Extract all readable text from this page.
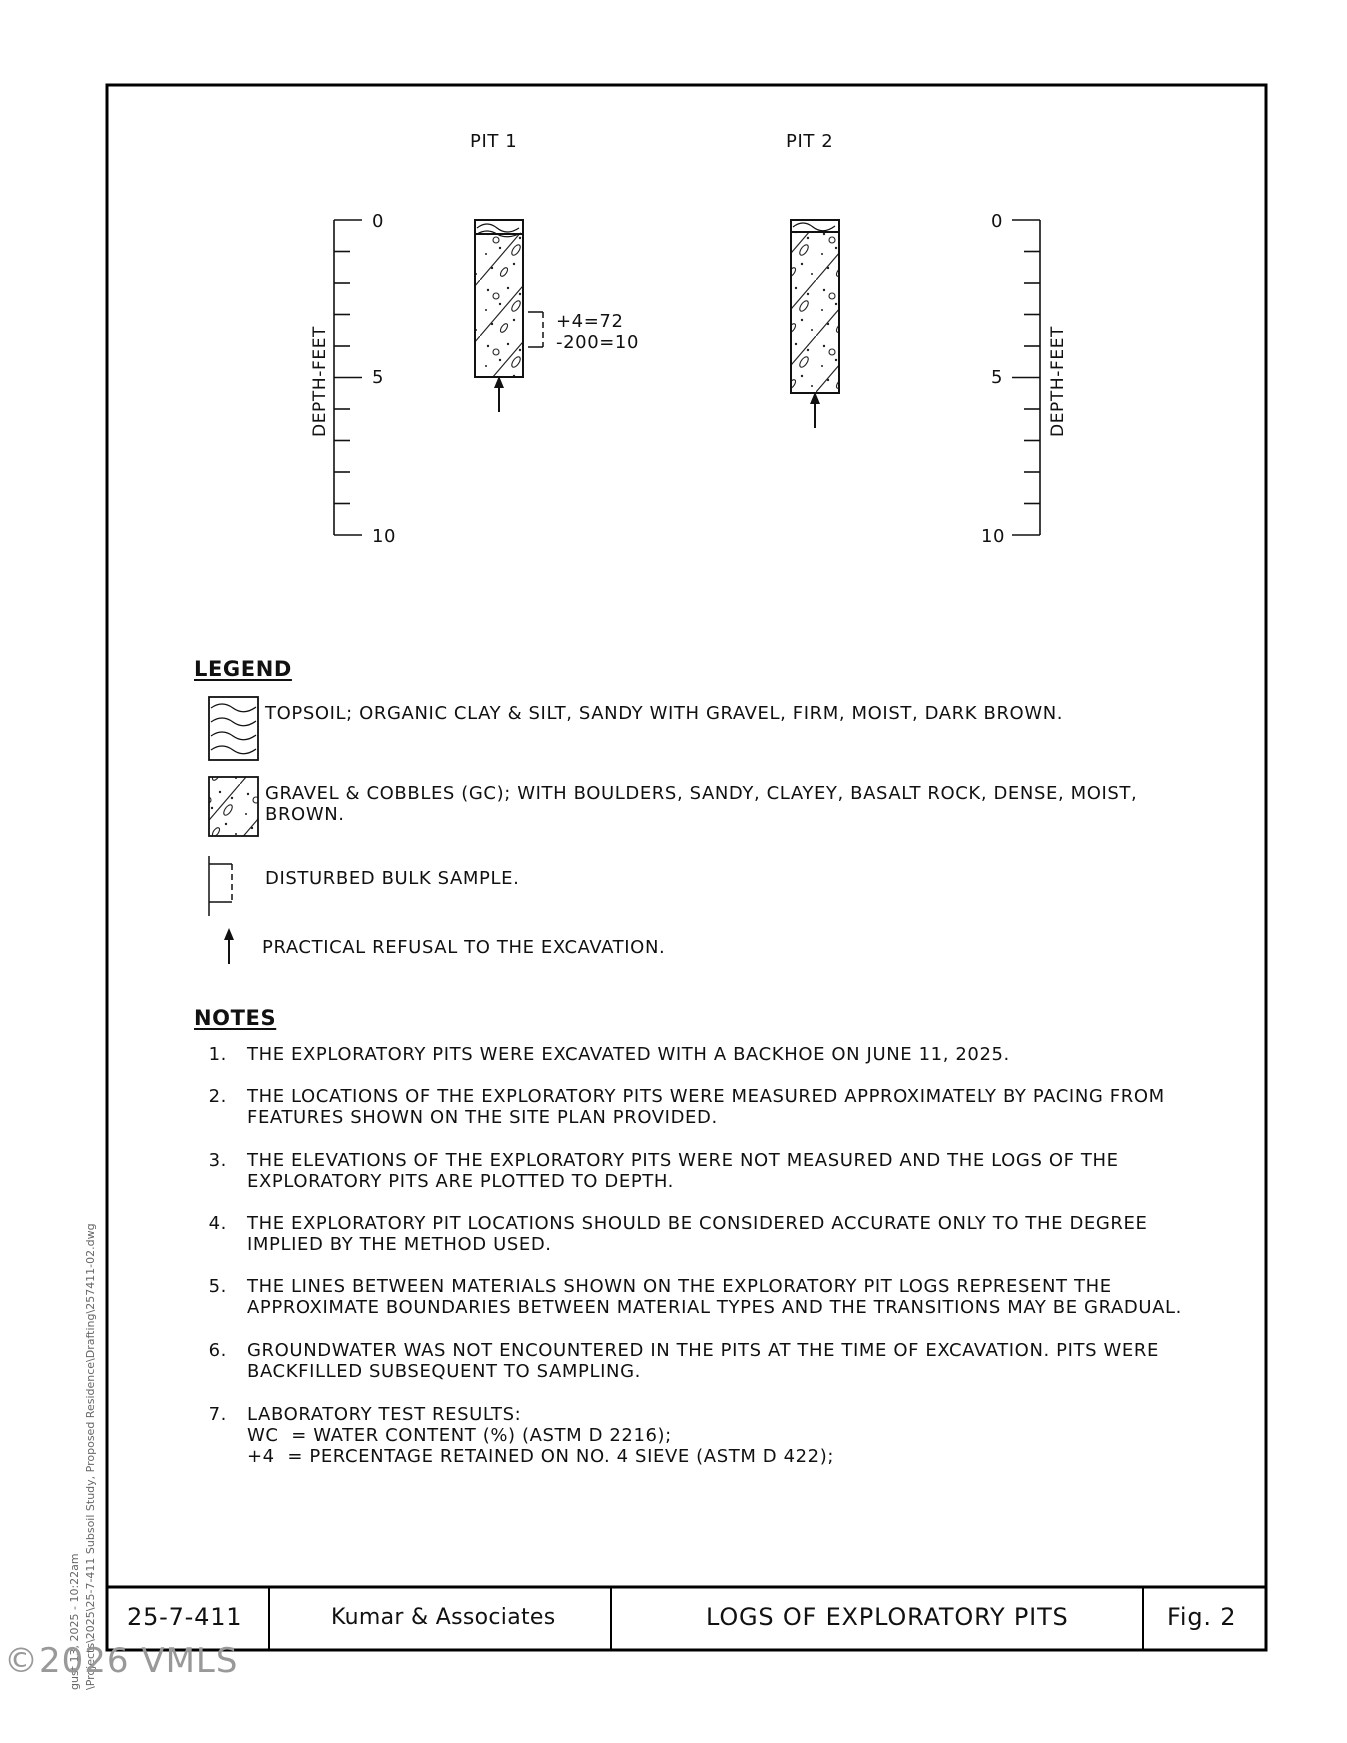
PIT 1	PIT 2
+4=72
-200=10
0
5
10
0
5
10
DEPTH-FEET	DEPTH-FEET
LEGEND
TOPSOIL; ORGANIC CLAY & SILT, SANDY WITH GRAVEL, FIRM, MOIST, DARK BROWN.
GRAVEL & COBBLES (GC); WITH BOULDERS, SANDY, CLAYEY, BASALT ROCK, DENSE, MOIST,
BROWN.
DISTURBED BULK SAMPLE.
PRACTICAL REFUSAL TO THE EXCAVATION.
NOTES
1. THE EXPLORATORY PITS WERE EXCAVATED WITH A BACKHOE ON JUNE 11, 2025.
2. THE LOCATIONS OF THE EXPLORATORY PITS WERE MEASURED APPROXIMATELY BY PACING FROM
FEATURES SHOWN ON THE SITE PLAN PROVIDED.
3. THE ELEVATIONS OF THE EXPLORATORY PITS WERE NOT MEASURED AND THE LOGS OF THE
EXPLORATORY PITS ARE PLOTTED TO DEPTH.
4. THE EXPLORATORY PIT LOCATIONS SHOULD BE CONSIDERED ACCURATE ONLY TO THE DEGREE
IMPLIED BY THE METHOD USED.
5. THE LINES BETWEEN MATERIALS SHOWN ON THE EXPLORATORY PIT LOGS REPRESENT THE
APPROXIMATE BOUNDARIES BETWEEN MATERIAL TYPES AND THE TRANSITIONS MAY BE GRADUAL.
6. GROUNDWATER WAS NOT ENCOUNTERED IN THE PITS AT THE TIME OF EXCAVATION. PITS WERE
BACKFILLED SUBSEQUENT TO SAMPLING.
7. LABORATORY TEST RESULTS:
WC  = WATER CONTENT (%) (ASTM D 2216);
+4  = PERCENTAGE RETAINED ON NO. 4 SIEVE (ASTM D 422);
25-7-411	Kumar & Associates	LOGS OF EXPLORATORY PITS	Fig. 2
gust 13, 2025 - 10:22am \Projects\2025\25-7-411 Subsoil Study, Proposed Residence\Drafting\257411-02.dwg
©2026 VMLS
